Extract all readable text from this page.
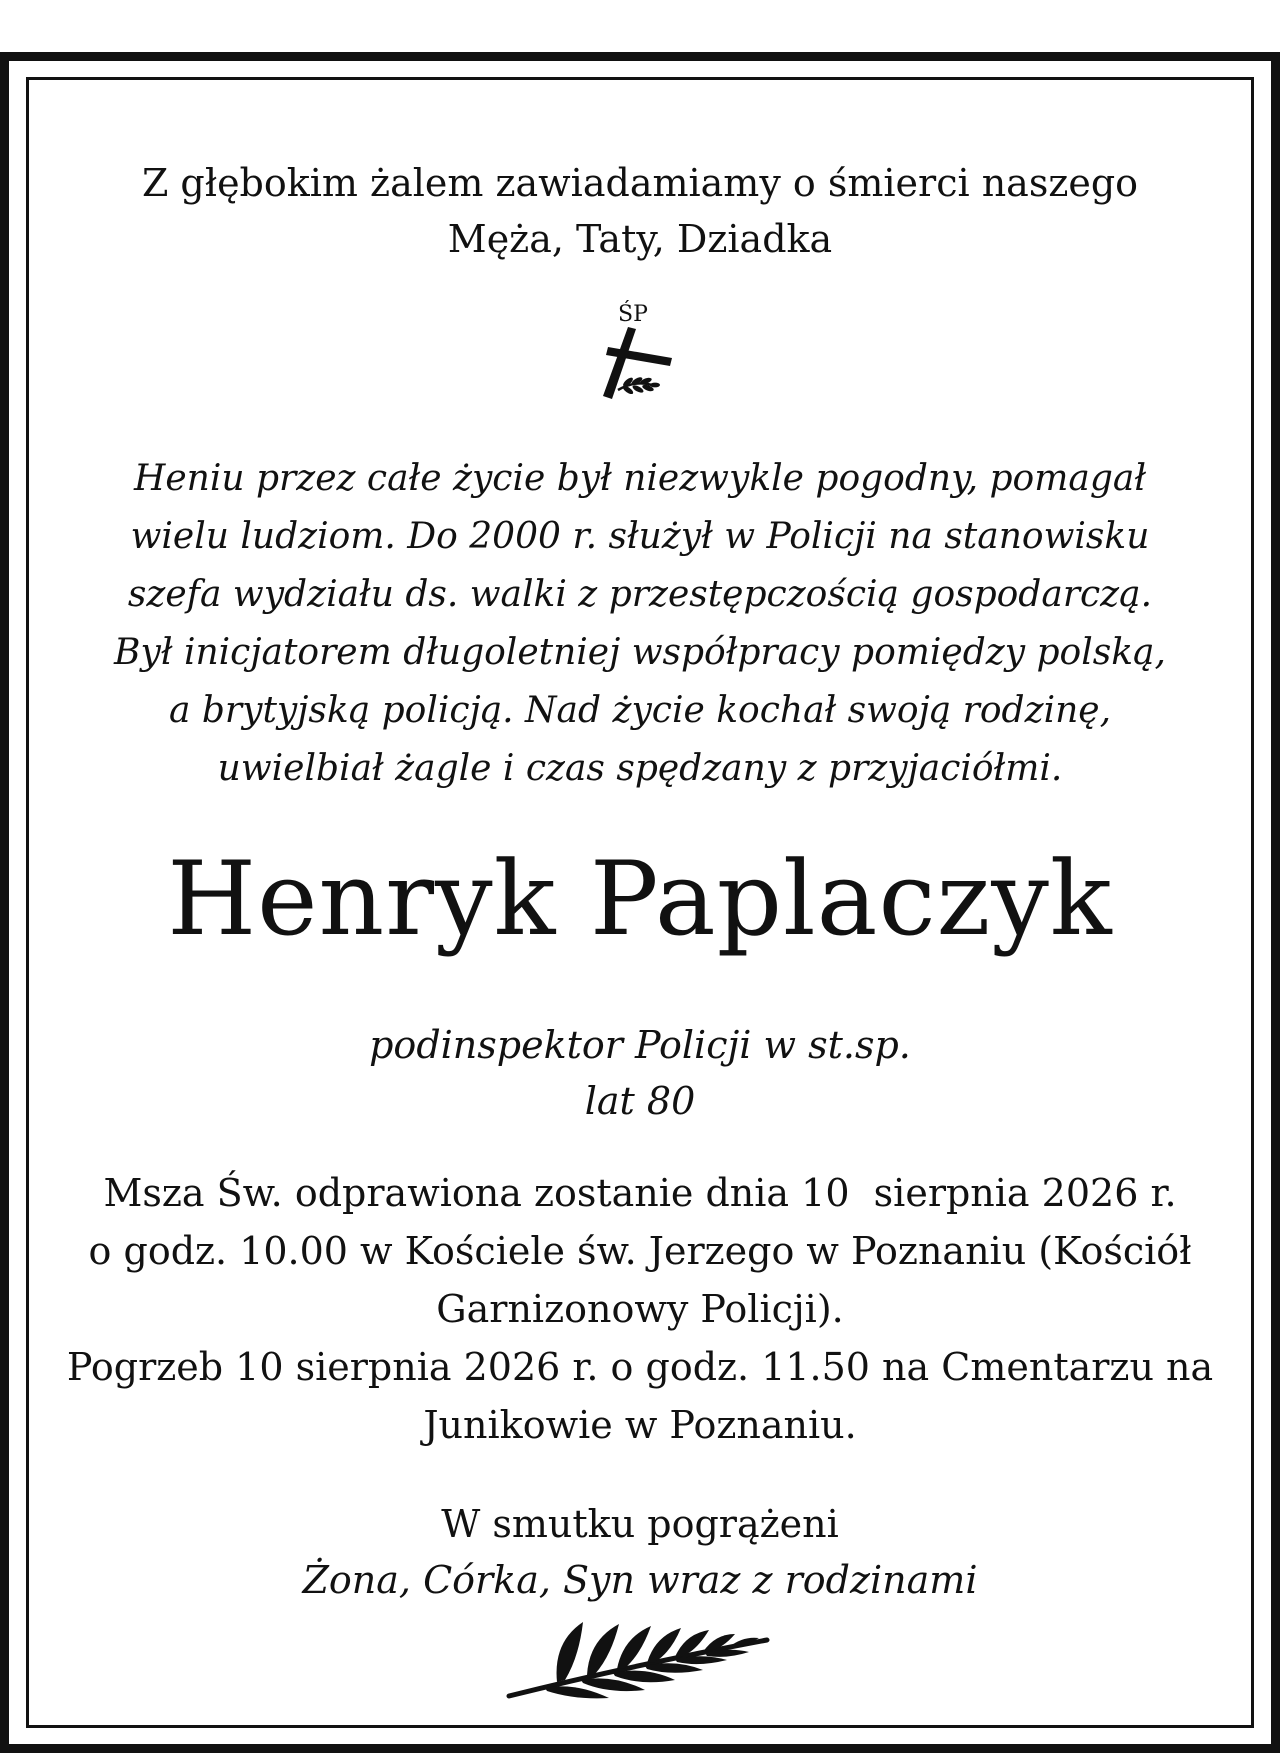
Z głębokim żalem zawiadamiamy o śmierci naszego
Męża, Taty, Dziadka

ŚP

Heniu przez całe życie był niezwykle pogodny, pomagał
wielu ludziom. Do 2000 r. służył w Policji na stanowisku
szefa wydziału ds. walki z przestępczością gospodarczą.
Był inicjatorem długoletniej współpracy pomiędzy polską,
a brytyjską policją. Nad życie kochał swoją rodzinę,
uwielbiał żagle i czas spędzany z przyjaciółmi.

Henryk Paplaczyk

podinspektor Policji w st.sp.
lat 80

Msza Św. odprawiona zostanie dnia 10  sierpnia 2026 r.
o godz. 10.00 w Kościele św. Jerzego w Poznaniu (Kościół
Garnizonowy Policji).
Pogrzeb 10 sierpnia 2026 r. o godz. 11.50 na Cmentarzu na
Junikowie w Poznaniu.

W smutku pogrążeni
Żona, Córka, Syn wraz z rodzinami
